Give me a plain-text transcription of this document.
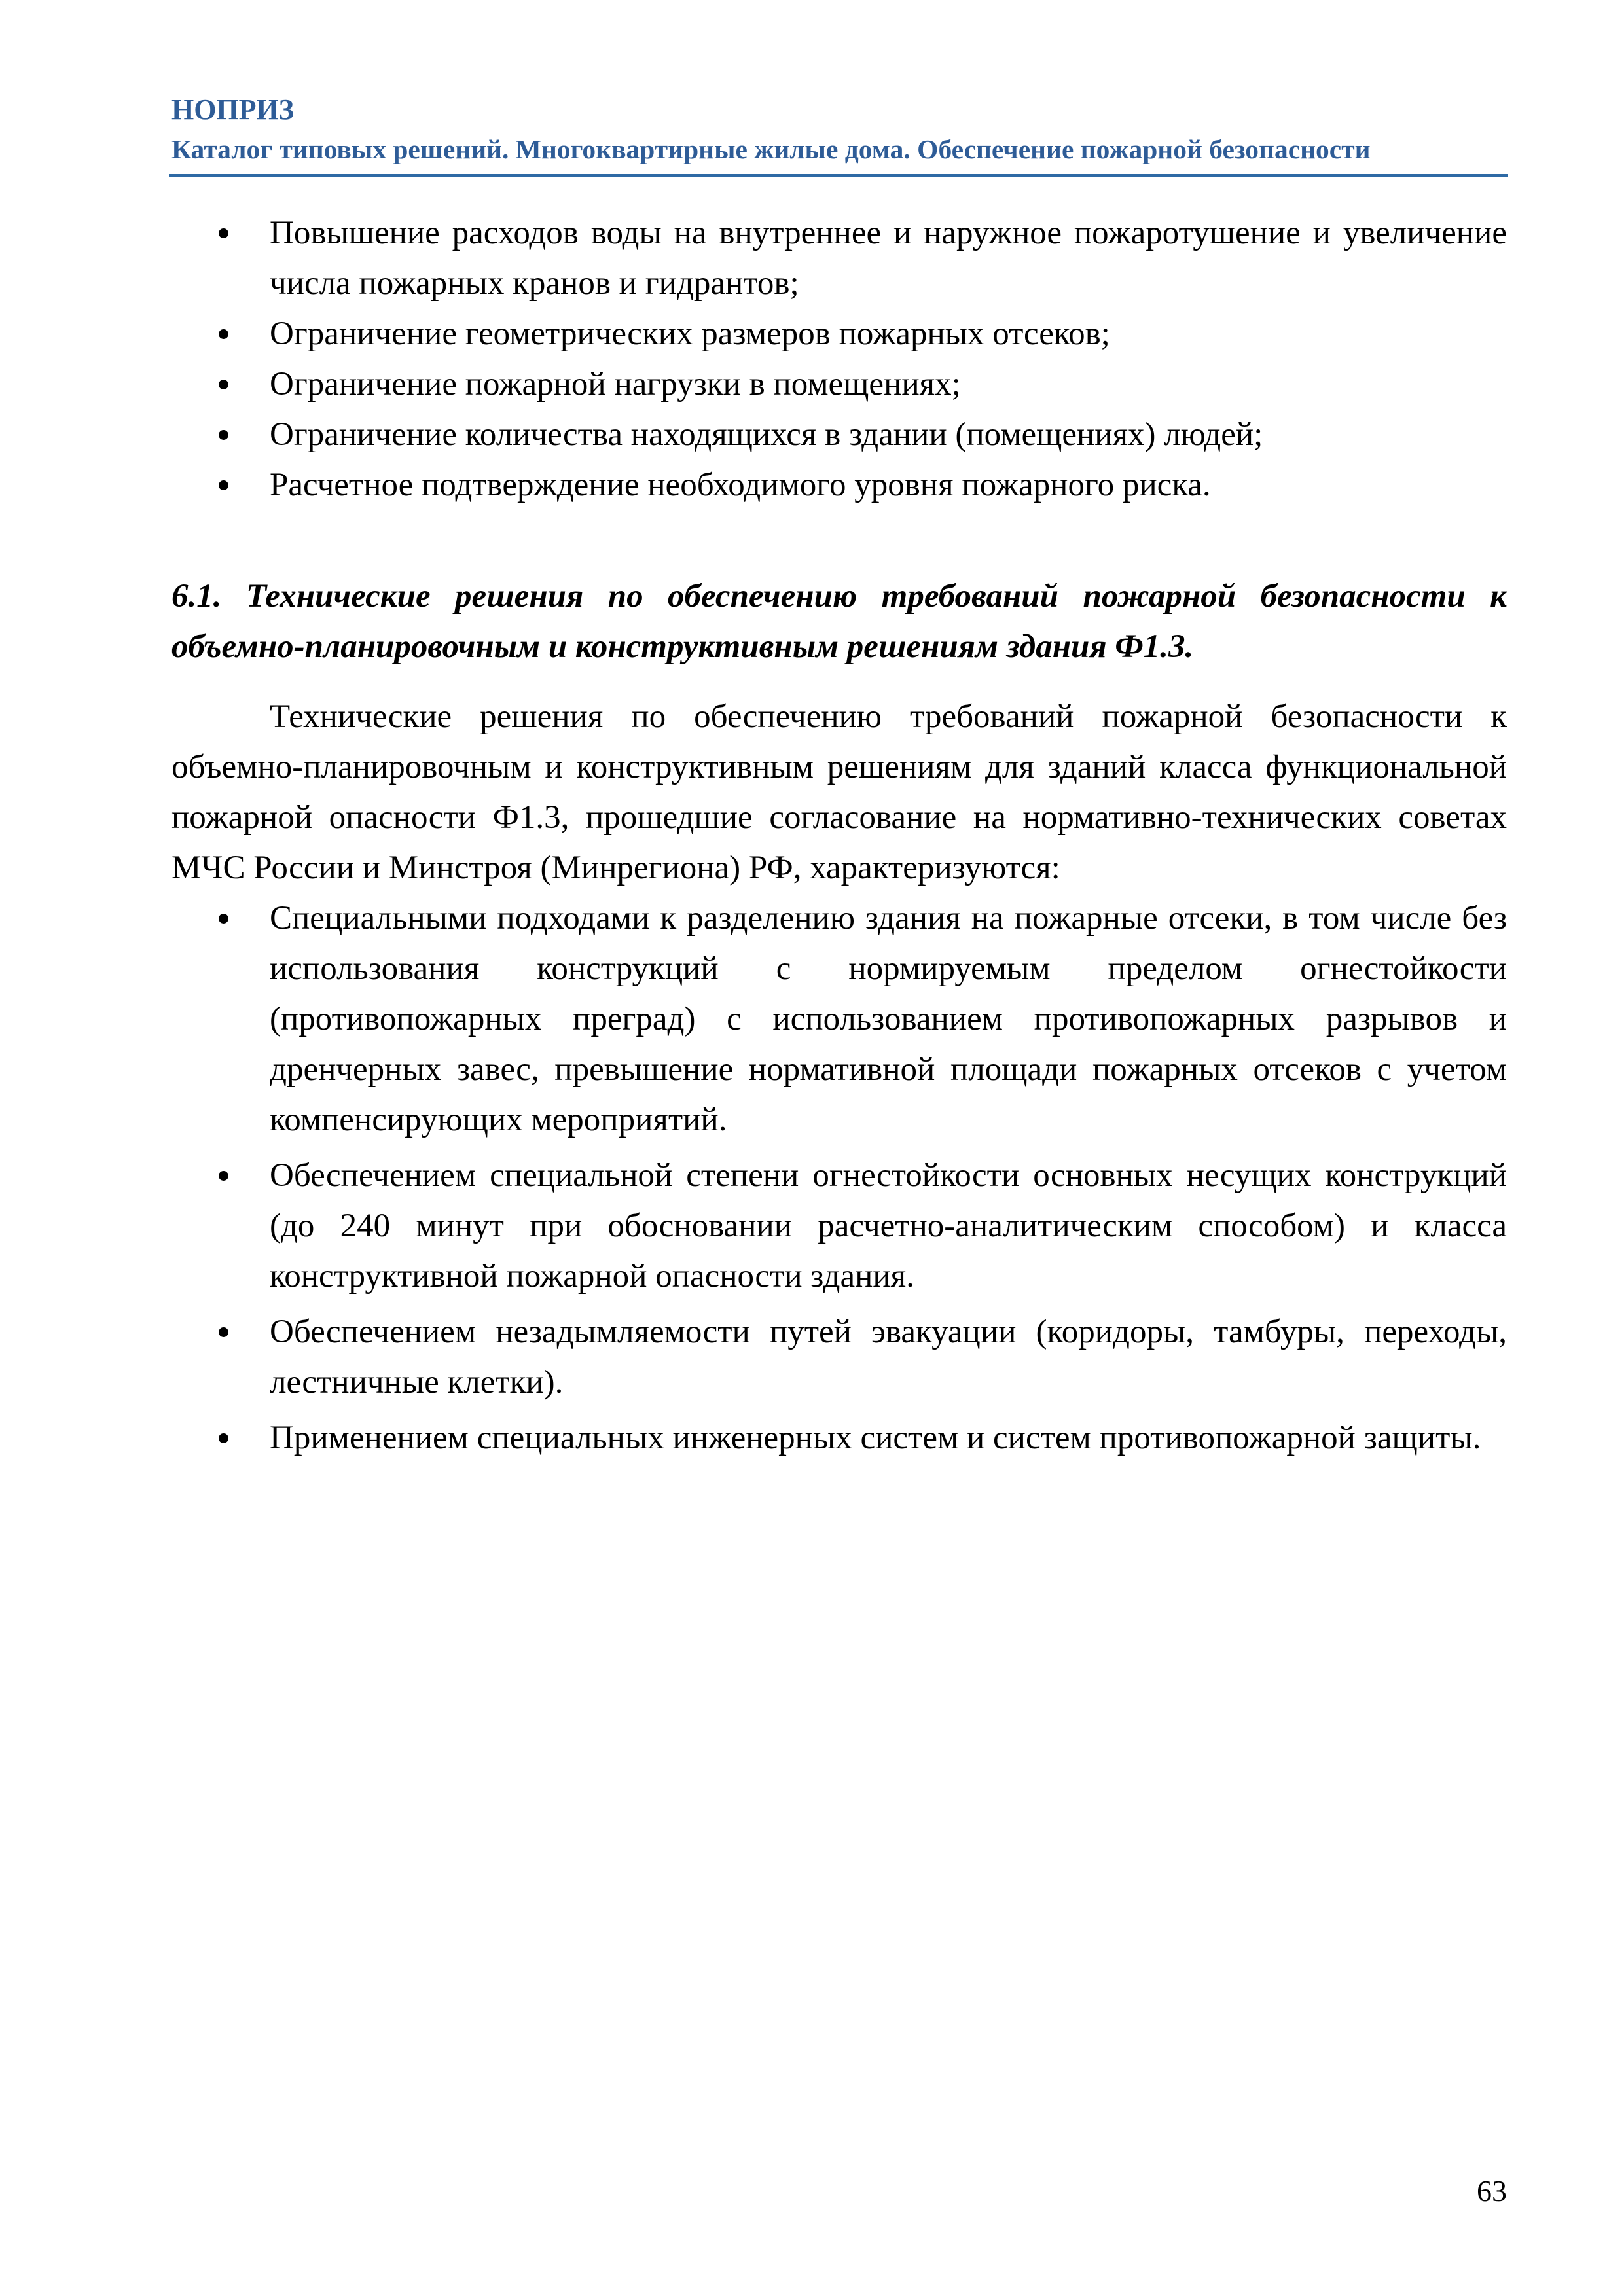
НОПРИЗ
Каталог типовых решений. Многоквартирные жилые дома. Обеспечение пожарной безопасности
Повышение расходов воды на внутреннее и наружное пожаротушение и увеличение числа пожарных кранов и гидрантов;
Ограничение геометрических размеров пожарных отсеков;
Ограничение пожарной нагрузки в помещениях;
Ограничение количества находящихся в здании (помещениях) людей;
Расчетное подтверждение необходимого уровня пожарного риска.
6.1. Технические решения по обеспечению требований пожарной безопасности к объемно-планировочным и конструктивным решениям здания Ф1.3.
Технические решения по обеспечению требований пожарной безопасности к объемно-планировочным и конструктивным решениям для зданий класса функциональной пожарной опасности Ф1.3, прошедшие согласование на нормативно-технических советах МЧС России и Минстроя (Минрегиона) РФ, характеризуются:
Специальными подходами к разделению здания на пожарные отсеки, в том числе без использования конструкций с нормируемым пределом огнестойкости (противопожарных преград) с использованием противопожарных разрывов и дренчерных завес, превышение нормативной площади пожарных отсеков с учетом компенсирующих мероприятий.
Обеспечением специальной степени огнестойкости основных несущих конструкций (до 240 минут при обосновании расчетно-аналитическим способом) и класса конструктивной пожарной опасности здания.
Обеспечением незадымляемости путей эвакуации (коридоры, тамбуры, переходы, лестничные клетки).
Применением специальных инженерных систем и систем противопожарной защиты.
63
